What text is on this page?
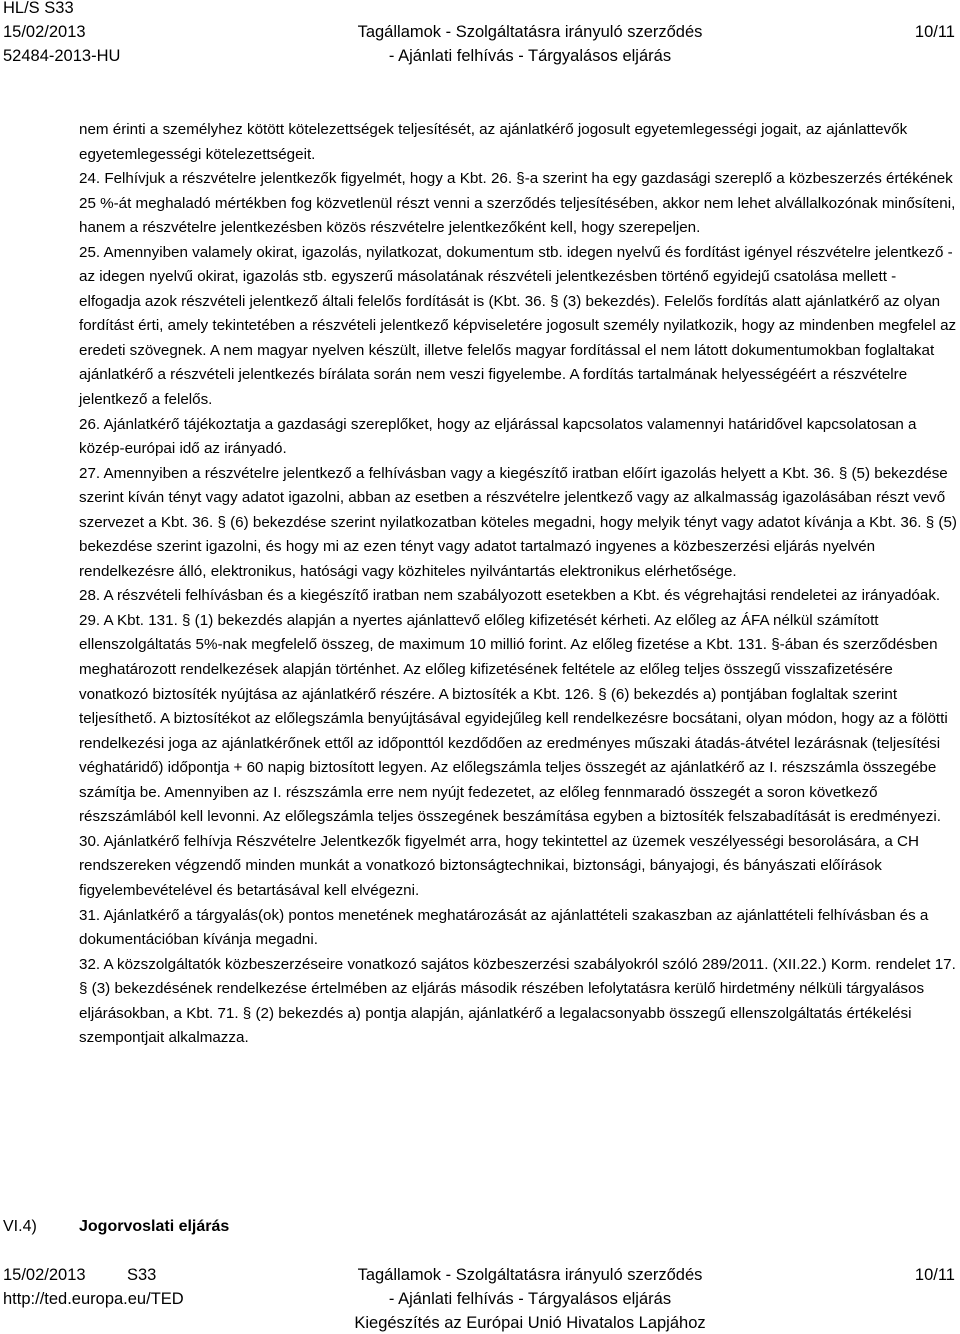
HL/S S33
15/02/2013	Tagállamok - Szolgáltatásra irányuló szerződés	10/11
52484-2013-HU	- Ajánlati felhívás - Tárgyalásos eljárás

nem érinti a személyhez kötött kötelezettségek teljesítését, az ajánlatkérő jogosult egyetemlegességi jogait, az ajánlattevők egyetemlegességi kötelezettségeit.

24. Felhívjuk a részvételre jelentkezők figyelmét, hogy a Kbt. 26. §-a szerint ha egy gazdasági szereplő a közbeszerzés értékének 25 %-át meghaladó mértékben fog közvetlenül részt venni a szerződés teljesítésében, akkor nem lehet alvállalkozónak minősíteni, hanem a részvételre jelentkezésben közös részvételre jelentkezőként kell, hogy szerepeljen.

25. Amennyiben valamely okirat, igazolás, nyilatkozat, dokumentum stb. idegen nyelvű és fordítást igényel részvételre jelentkező - az idegen nyelvű okirat, igazolás stb. egyszerű másolatának részvételi jelentkezésben történő egyidejű csatolása mellett - elfogadja azok részvételi jelentkező általi felelős fordítását is (Kbt. 36. § (3) bekezdés). Felelős fordítás alatt ajánlatkérő az olyan fordítást érti, amely tekintetében a részvételi jelentkező képviseletére jogosult személy nyilatkozik, hogy az mindenben megfelel az eredeti szövegnek. A nem magyar nyelven készült, illetve felelős magyar fordítással el nem látott dokumentumokban foglaltakat ajánlatkérő a részvételi jelentkezés bírálata során nem veszi figyelembe. A fordítás tartalmának helyességéért a részvételre jelentkező a felelős.

26. Ajánlatkérő tájékoztatja a gazdasági szereplőket, hogy az eljárással kapcsolatos valamennyi határidővel kapcsolatosan a közép-európai idő az irányadó.

27. Amennyiben a részvételre jelentkező a felhívásban vagy a kiegészítő iratban előírt igazolás helyett a Kbt. 36. § (5) bekezdése szerint kíván tényt vagy adatot igazolni, abban az esetben a részvételre jelentkező vagy az alkalmasság igazolásában részt vevő szervezet a Kbt. 36. § (6) bekezdése szerint nyilatkozatban köteles megadni, hogy melyik tényt vagy adatot kívánja a Kbt. 36. § (5) bekezdése szerint igazolni, és hogy mi az ezen tényt vagy adatot tartalmazó ingyenes a közbeszerzési eljárás nyelvén rendelkezésre álló, elektronikus, hatósági vagy közhiteles nyilvántartás elektronikus elérhetősége.

28. A részvételi felhívásban és a kiegészítő iratban nem szabályozott esetekben a Kbt. és végrehajtási rendeletei az irányadóak.

29. A Kbt. 131. § (1) bekezdés alapján a nyertes ajánlattevő előleg kifizetését kérheti. Az előleg az ÁFA nélkül számított ellenszolgáltatás 5%-nak megfelelő összeg, de maximum 10 millió forint. Az előleg fizetése a Kbt. 131. §-ában és szerződésben meghatározott rendelkezések alapján történhet. Az előleg kifizetésének feltétele az előleg teljes összegű visszafizetésére vonatkozó biztosíték nyújtása az ajánlatkérő részére. A biztosíték a Kbt. 126. § (6) bekezdés a) pontjában foglaltak szerint teljesíthető. A biztosítékot az előlegszámla benyújtásával egyidejűleg kell rendelkezésre bocsátani, olyan módon, hogy az a fölötti rendelkezési joga az ajánlatkérőnek ettől az időponttól kezdődően az eredményes műszaki átadás-átvétel lezárásnak (teljesítési véghatáridő) időpontja + 60 napig biztosított legyen. Az előlegszámla teljes összegét az ajánlatkérő az I. részszámla összegébe számítja be. Amennyiben az I. részszámla erre nem nyújt fedezetet, az előleg fennmaradó összegét a soron következő részszámlából kell levonni. Az előlegszámla teljes összegének beszámítása egyben a biztosíték felszabadítását is eredményezi.

30. Ajánlatkérő felhívja Részvételre Jelentkezők figyelmét arra, hogy tekintettel az üzemek veszélyességi besorolására, a CH rendszereken végzendő minden munkát a vonatkozó biztonságtechnikai, biztonsági, bányajogi, és bányászati előírások figyelembevételével és betartásával kell elvégezni.

31. Ajánlatkérő a tárgyalás(ok) pontos menetének meghatározását az ajánlattételi szakaszban az ajánlattételi felhívásban és a dokumentációban kívánja megadni.

32. A közszolgáltatók közbeszerzéseire vonatkozó sajátos közbeszerzési szabályokról szóló 289/2011. (XII.22.) Korm. rendelet 17. § (3) bekezdésének rendelkezése értelmében az eljárás második részében lefolytatásra kerülő hirdetmény nélküli tárgyalásos eljárásokban, a Kbt. 71. § (2) bekezdés a) pontja alapján, ajánlatkérő a legalacsonyabb összegű ellenszolgáltatás értékelési szempontjait alkalmazza.

VI.4)	Jogorvoslati eljárás
15/02/2013	S33	Tagállamok - Szolgáltatásra irányuló szerződés	10/11
http://ted.europa.eu/TED	- Ajánlati felhívás - Tárgyalásos eljárás
Kiegészítés az Európai Unió Hivatalos Lapjához
